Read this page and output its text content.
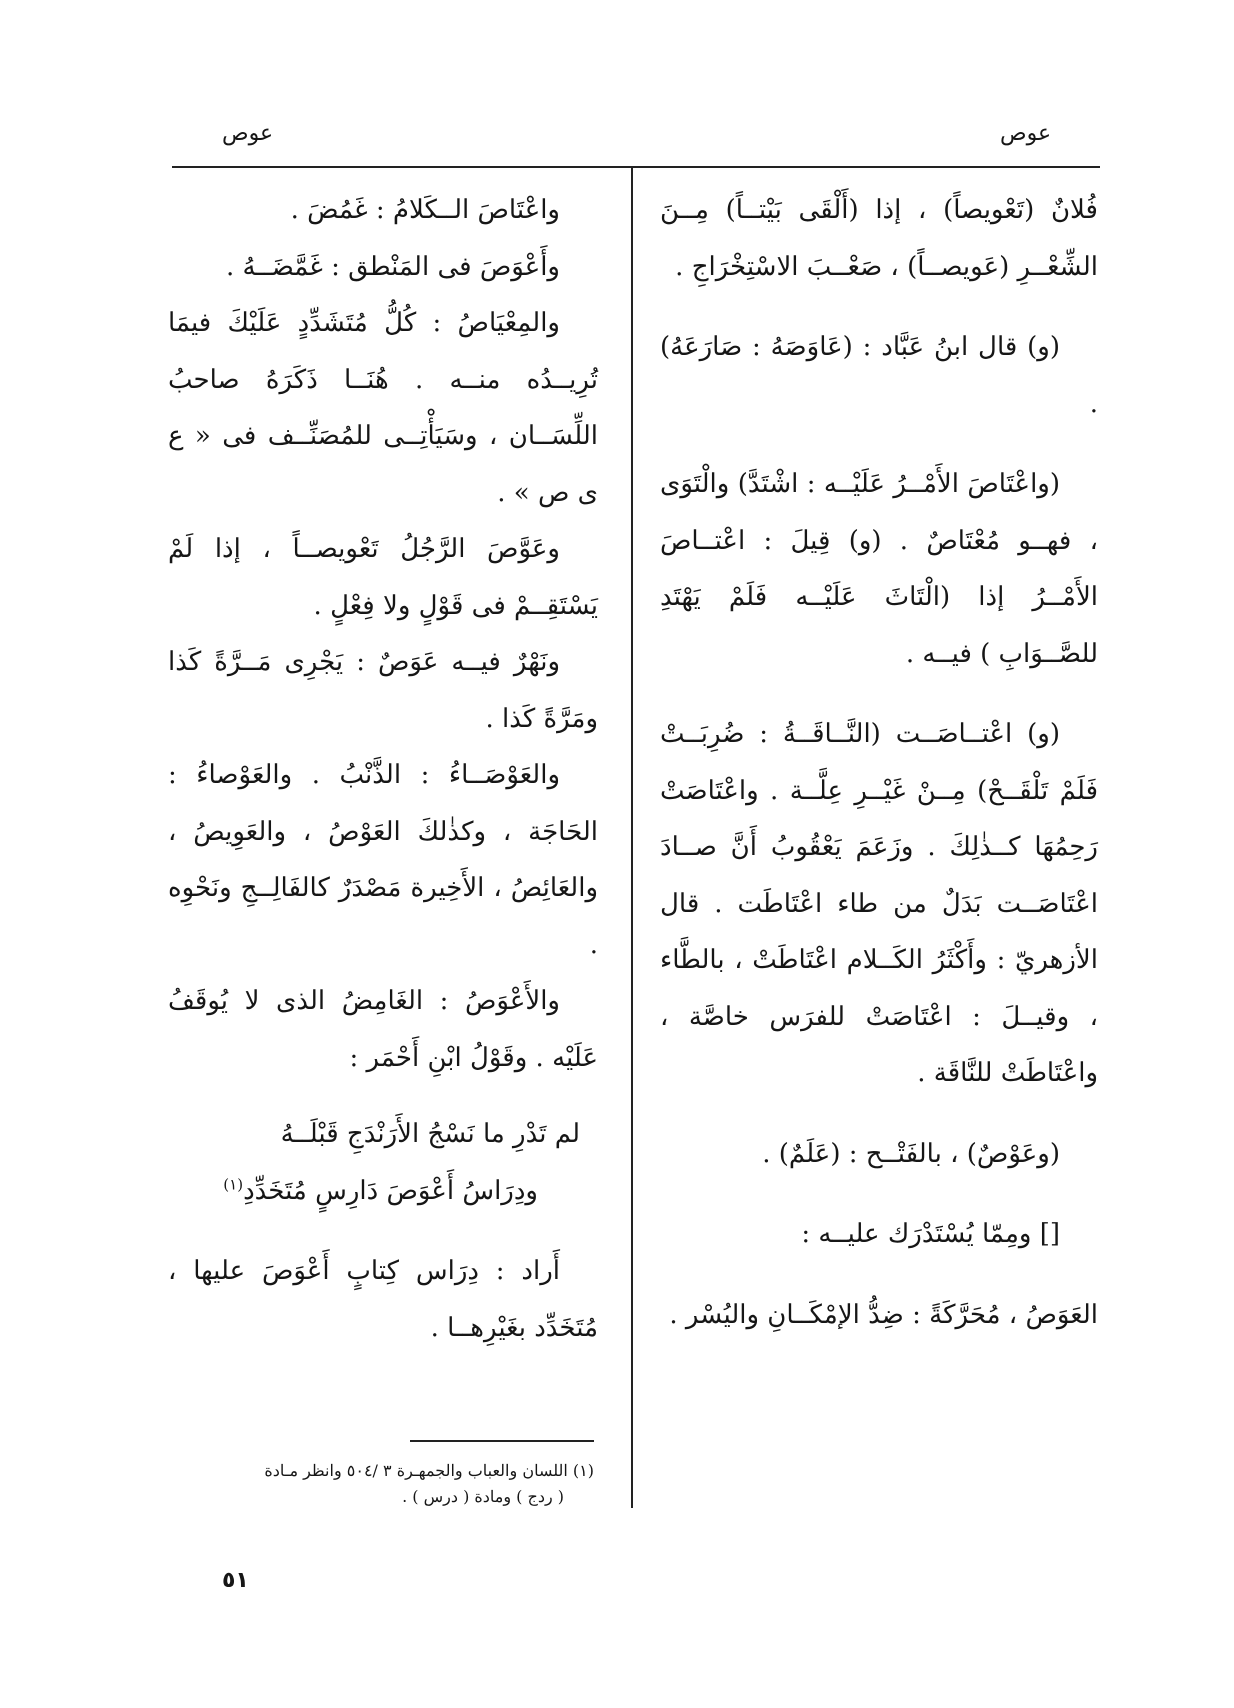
عوص
عوص

فُلانٌ (تَعْويصاً) ، إذا (أَلْقَى بَيْتــاً) مِــنَ الشِّعْــرِ (عَويصــاً) ، صَعْــبَ الاسْتِخْرَاجِ .

(و) قال ابنُ عَبَّاد : (عَاوَصَهُ : صَارَعَهُ) .

(واعْتَاصَ الأَمْــرُ عَلَيْــه : اشْتَدَّ) والْتَوَى ، فهــو مُعْتَاصٌ . (و) قِيلَ : اعْتــاصَ الأَمْــرُ إذا (الْتَاثَ عَلَيْــه فَلَمْ يَهْتَدِ للصَّــوَابِ ) فيــه .

(و) اعْتــاصَــت (النَّــاقَــةُ : ضُرِبَــتْ فَلَمْ تَلْقَــحْ) مِــنْ غَيْــرِ عِلَّــة . واعْتَاصَتْ رَحِمُهَا كــذٰلِكَ . وزَعَمَ يَعْقُوبُ أَنَّ صــادَ اعْتَاصَــت بَدَلٌ من طاء اعْتَاطَت . قال الأزهريّ : وأَكْثَرُ الكَــلام اعْتَاطَتْ ، بالطَّاء ، وقيــلَ : اعْتَاصَتْ للفرَس خاصَّة ، واعْتَاطَتْ للنَّاقَة .

(وعَوْصٌ) ، بالفَتْــح : (عَلَمٌ) .

[] ومِمّا يُسْتَدْرَك عليــه :

العَوَصُ ، مُحَرَّكَةً : ضِدُّ الإمْكَــانِ واليُسْر .

واعْتَاصَ الــكَلامُ : غَمُضَ .

وأَعْوَصَ فى المَنْطق : غَمَّضَــهُ .

والمِعْيَاصُ : كُلُّ مُتَشَدِّدٍ عَلَيْكَ فيمَا تُرِيــدُه منــه . هُنَــا ذَكَرَهُ صاحبُ اللِّسَــان ، وسَيَأْتِــى للمُصَنِّــف فى « ع ى ص » .

وعَوَّصَ الرَّجُلُ تَعْويصــاً ، إذا لَمْ يَسْتَقِــمْ فى قَوْلٍ ولا فِعْلٍ .

ونَهْرٌ فيــه عَوَصٌ : يَجْرِى مَــرَّةً كَذا ومَرَّةً كَذا .

والعَوْصَــاءُ : الذَّنْبُ . والعَوْصاءُ : الحَاجَة ، وكذٰلكَ العَوْصُ ، والعَوِيصُ ، والعَائِصُ ، الأَخِيرة مَصْدَرٌ كالفَالِــجِ ونَحْوِه .

والأَعْوَصُ : الغَامِضُ الذى لا يُوقَفُ عَلَيْه . وقَوْلُ ابْنِ أَحْمَر :

لم تَدْرِ ما نَسْجُ الأَرَنْدَجِ قَبْلَــهُ

ودِرَاسُ أَعْوَصَ دَارِسٍ مُتَخَدِّدِ$^{(١)}$

أَراد : دِرَاس كِتابٍ أَعْوَصَ عليها ، مُتَخَدِّد بغَيْرِهــا .

(١) اللسان والعباب والجمهـرة ٣ /٥٠٤ وانظر مـادة

( ردج ) ومادة ( درس ) .

٥١
